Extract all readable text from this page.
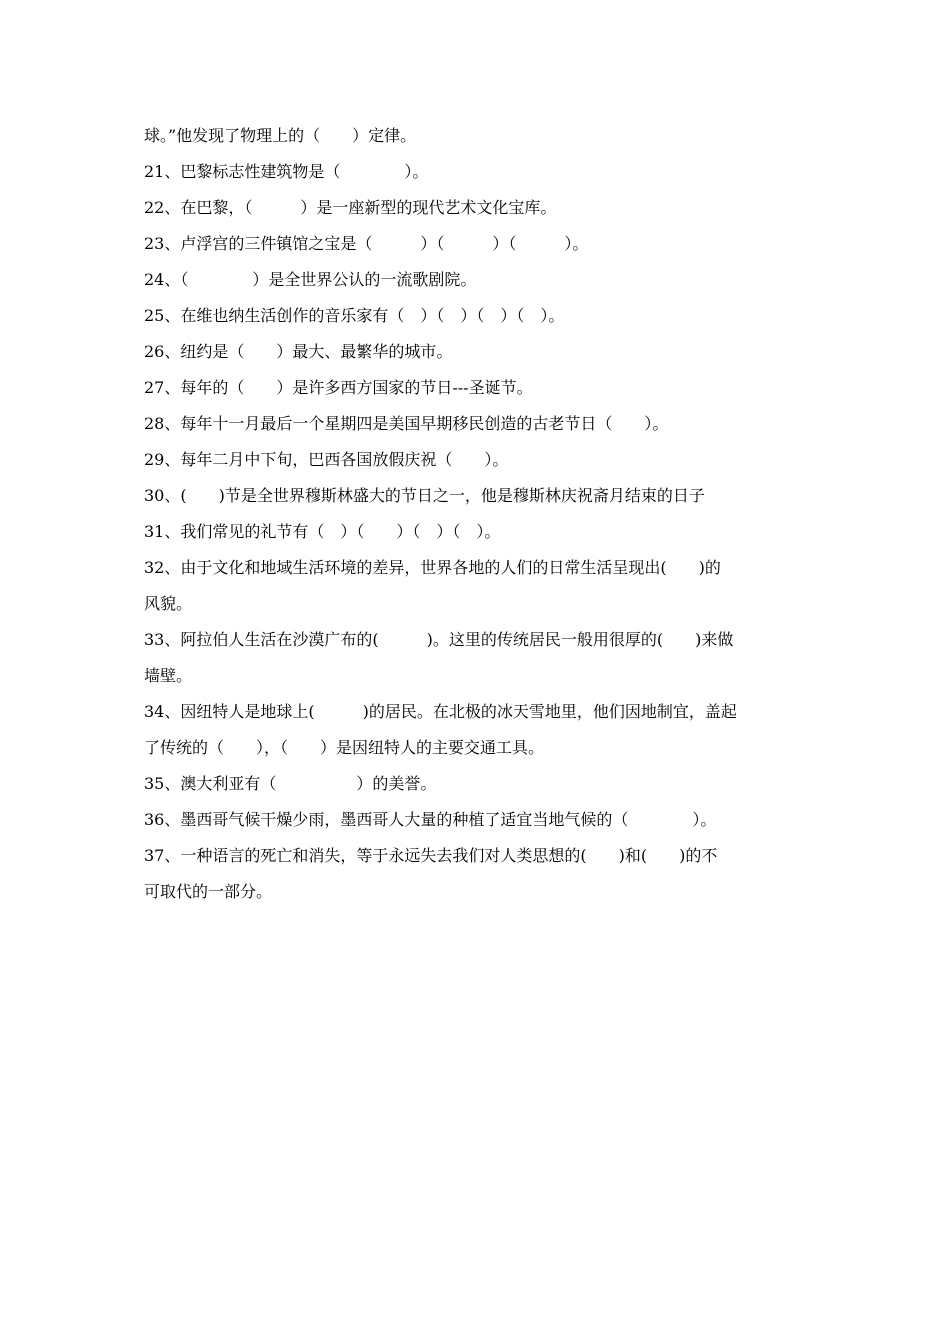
球。”他发现了物理上的（　　）定律。
21、巴黎标志性建筑物是（　　　　）。
22、在巴黎，（　　　）是一座新型的现代艺术文化宝库。
23、卢浮宫的三件镇馆之宝是（　　　）（　　　）（　　　）。
24、（　　　　）是全世界公认的一流歌剧院。
25、在维也纳生活创作的音乐家有（　）（　）（　）（　）。
26、纽约是（　　）最大、最繁华的城市。
27、每年的（　　）是许多西方国家的节日---圣诞节。
28、每年十一月最后一个星期四是美国早期移民创造的古老节日（　　）。
29、每年二月中下旬，巴西各国放假庆祝（　　）。
30、(　　)节是全世界穆斯林盛大的节日之一，他是穆斯林庆祝斋月结束的日子
31、我们常见的礼节有（　）（　　）（　）（　）。
32、由于文化和地域生活环境的差异，世界各地的人们的日常生活呈现出(　　)的
风貌。
33、阿拉伯人生活在沙漠广布的(　　　)。这里的传统居民一般用很厚的(　　)来做
墙壁。
34、因纽特人是地球上(　　　)的居民。在北极的冰天雪地里，他们因地制宜，盖起
了传统的（　　），（　　）是因纽特人的主要交通工具。
35、澳大利亚有（　　　　　）的美誉。
36、墨西哥气候干燥少雨，墨西哥人大量的种植了适宜当地气候的（　　　　）。
37、一种语言的死亡和消失，等于永远失去我们对人类思想的(　　)和(　　)的不
可取代的一部分。
